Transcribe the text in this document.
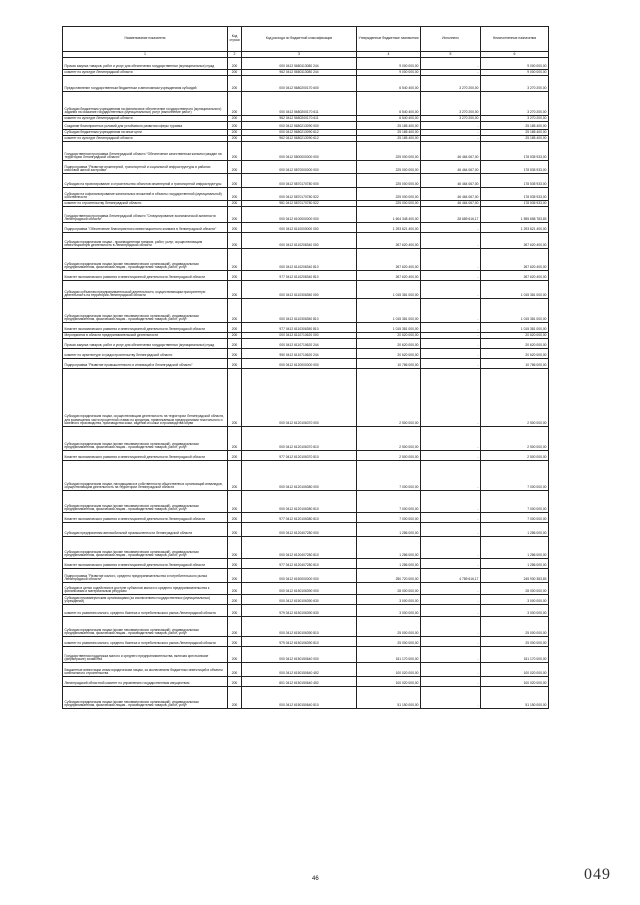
Наименование показателя	Код строки	Код расхода по бюджетной классификации	Утвержденные бюджетные назначения	Исполнено	Неисполненные назначения
1	2	3	4	5	6
Прочая закупка товаров, работ и услуг для обеспечения государственных (муниципальных) нужд	200	000 0412 5680113080 244	9 000 000,00	-	9 000 000,00
комитет по культуре Ленинградской области	200	962 0412 5680113080 244	9 000 000,00	-	9 000 000,00
Предоставление государственным бюджетным и автономным учреждениям субсидий	200	000 0412 5680200170 600	6 540 400,00	3 270 200,00	3 270 200,00
Субсидии бюджетным учреждениям на финансовое обеспечение государственного (муниципального) задания на оказание государственных (муниципальных) услуг (выполнение работ)	200	000 0412 5680200170 611	6 540 400,00	3 270 200,00	3 270 200,00
комитет по культуре Ленинградской области	200	962 0412 5680200170 611	6 540 400,00	3 270 200,00	3 270 200,00
Создание благоприятных условий для устойчивого развития сферы туризма	200	000 0412 5680213090 000	25 185 400,00	-	25 185 400,00
Субсидии бюджетным учреждениям на иные цели	200	000 0412 5680213090 612	25 185 400,00	-	25 185 400,00
комитет по культуре Ленинградской области	200	962 0412 5680213090 612	25 185 400,00	-	25 185 400,00
Государственная программа Ленинградской области "Обеспечение качественным жильем граждан на территории Ленинградской области"	200	000 0412 5800000000 000	225 000 000,00	46 464 067,00	178 535 933,00
Подпрограмма "Развитие инженерной, транспортной и социальной инфраструктуры в районах массовой жилой застройки"	200	000 0412 5870000000 000	225 000 000,00	46 464 067,00	178 535 933,00
Субсидии на проектирование и строительство объектов инженерной и транспортной инфраструктуры	200	000 0412 5870170780 000	225 000 000,00	46 464 067,00	178 535 933,00
Субсидии на софинансирование капитальных вложений в объекты государственной (муниципальной) собственности	200	000 0412 5870170780 522	225 000 000,00	46 464 067,00	178 535 933,00
комитет по строительству Ленинградской области	200	981 0412 5870170780 522	225 000 000,00	46 464 067,00	178 535 933,00
Государственная программа Ленинградской области "Стимулирование экономической активности Ленинградской области"	200	000 0412 6100000000 000	1 604 348 400,00	28 689 616,17	1 555 658 783,83
Подпрограмма "Обеспечение благоприятного инвестиционного климата в Ленинградской области"	200	000 0412 6110000000 000	1 293 621 400,00	-	1 293 621 400,00
Субсидии юридическим лицам - производителям товаров, работ, услуг, осуществляющим инвестиционную деятельность в Ленинградской области	200	000 0412 6110206340 000	267 620 400,00	-	267 620 400,00
Субсидии юридическим лицам (кроме некоммерческих организаций), индивидуальным предпринимателям, физическим лицам - производителям товаров, работ, услуг	200	000 0412 6110206340 810	267 620 400,00	-	267 620 400,00
Комитет экономического развития и инвестиционной деятельности Ленинградской области	200	977 0412 6110206340 810	267 620 400,00	-	267 620 400,00
Субсидии субъектам предпринимательской деятельности, осуществляющим приоритетную деятельность на территории Ленинградской области	200	000 0412 6110306350 000	1 015 381 000,00	-	1 015 381 000,00
Субсидии юридическим лицам (кроме некоммерческих организаций), индивидуальным предпринимателям, физическим лицам - производителям товаров, работ, услуг	200	000 0412 6110306350 810	1 015 381 000,00	-	1 015 381 000,00
Комитет экономического развития и инвестиционной деятельности Ленинградской области	200	977 0412 6110306350 810	1 015 381 000,00	-	1 015 381 000,00
Мероприятия в области предпринимательской деятельности	200	000 0412 6110710620 000	20 620 000,00	-	20 620 000,00
Прочая закупка товаров, работ и услуг для обеспечения государственных (муниципальных) нужд	200	000 0412 6110710620 244	20 620 000,00	-	20 620 000,00
комитет по архитектуре и градостроительству Ленинградской области	200	950 0412 6110710620 244	20 620 000,00	-	20 620 000,00
Подпрограмма "Развитие промышленности и инноваций в Ленинградской области"	200	000 0412 6120000000 000	10 786 000,00	-	10 786 000,00
Субсидии юридическим лицам, осуществляющим деятельность на территории Ленинградской области, для возмещения части процентной ставки по кредитам, привлекаемым предприятиями текстильного и швейного производства, производства кожи, изделий из кожи и производства обуви	200	000 0412 6120106370 000	2 500 000,00	-	2 500 000,00
Субсидии юридическим лицам (кроме некоммерческих организаций), индивидуальным предпринимателям, физическим лицам - производителям товаров, работ, услуг	200	000 0412 6120106370 810	2 500 000,00	-	2 500 000,00
Комитет экономического развития и инвестиционной деятельности Ленинградской области	200	977 0412 6120106370 810	2 500 000,00	-	2 500 000,00
Субсидии юридическим лицам, находящимся в собственности общественных организаций инвалидов, осуществляющим деятельность на территории Ленинградской области	200	000 0412 6120106380 000	7 000 000,00	-	7 000 000,00
Субсидии юридическим лицам (кроме некоммерческих организаций), индивидуальным предпринимателям, физическим лицам - производителям товаров, работ, услуг	200	000 0412 6120106380 810	7 000 000,00	-	7 000 000,00
Комитет экономического развития и инвестиционной деятельности Ленинградской области	200	977 0412 6120106380 810	7 000 000,00	-	7 000 000,00
Субсидии предприятиям автомобильной промышленности Ленинградской области	200	000 0412 6120407280 000	1 286 000,00	-	1 286 000,00
Субсидии юридическим лицам (кроме некоммерческих организаций), индивидуальным предпринимателям, физическим лицам - производителям товаров, работ, услуг	200	000 0412 6120407280 810	1 286 000,00	-	1 286 000,00
Комитет экономического развития и инвестиционной деятельности Ленинградской области	200	977 0412 6120407280 810	1 286 000,00	-	1 286 000,00
Подпрограмма "Развитие малого, среднего предпринимательства и потребительского рынка Ленинградской области"	200	000 0412 6150000000 000	250 720 000,00	4 789 616,17	245 930 383,83
Субсидии в целях содействия в доступе субъектов малого и среднего предпринимательства к финансовым и материальным ресурсам	200	000 0412 6150106390 000	28 000 000,00	-	28 000 000,00
Субсидии некоммерческим организациям (за исключением государственных (муниципальных) учреждений)	200	000 0412 6150106390 630	3 000 000,00	-	3 000 000,00
комитет по развитию малого, среднего бизнеса и потребительского рынка Ленинградской области	200	979 0412 6150106390 630	3 000 000,00	-	3 000 000,00
Субсидии юридическим лицам (кроме некоммерческих организаций), индивидуальным предпринимателям, физическим лицам - производителям товаров, работ, услуг	200	000 0412 6150106390 810	25 000 000,00	-	25 000 000,00
комитет по развитию малого, среднего бизнеса и потребительского рынка Ленинградской области	200	979 0412 6150106390 810	25 000 000,00	-	25 000 000,00
Государственная поддержка малого и среднего предпринимательства, включая крестьянские (фермерские) хозяйства	200	000 0412 6150150640 000	151 170 000,00	-	151 170 000,00
Бюджетные инвестиции иным юридическим лицам, за исключением бюджетных инвестиций в объекты капитального строительства	200	000 0412 6150150640 452	100 020 000,00	-	100 020 000,00
Ленинградский областной комитет по управлению государственным имуществом	200	801 0412 6150150640 452	100 020 000,00	-	100 020 000,00
Субсидии юридическим лицам (кроме некоммерческих организаций), индивидуальным предпринимателям, физическим лицам - производителям товаров, работ, услуг	200	000 0412 6150150640 810	51 150 000,00	-	51 150 000,00
46	049
